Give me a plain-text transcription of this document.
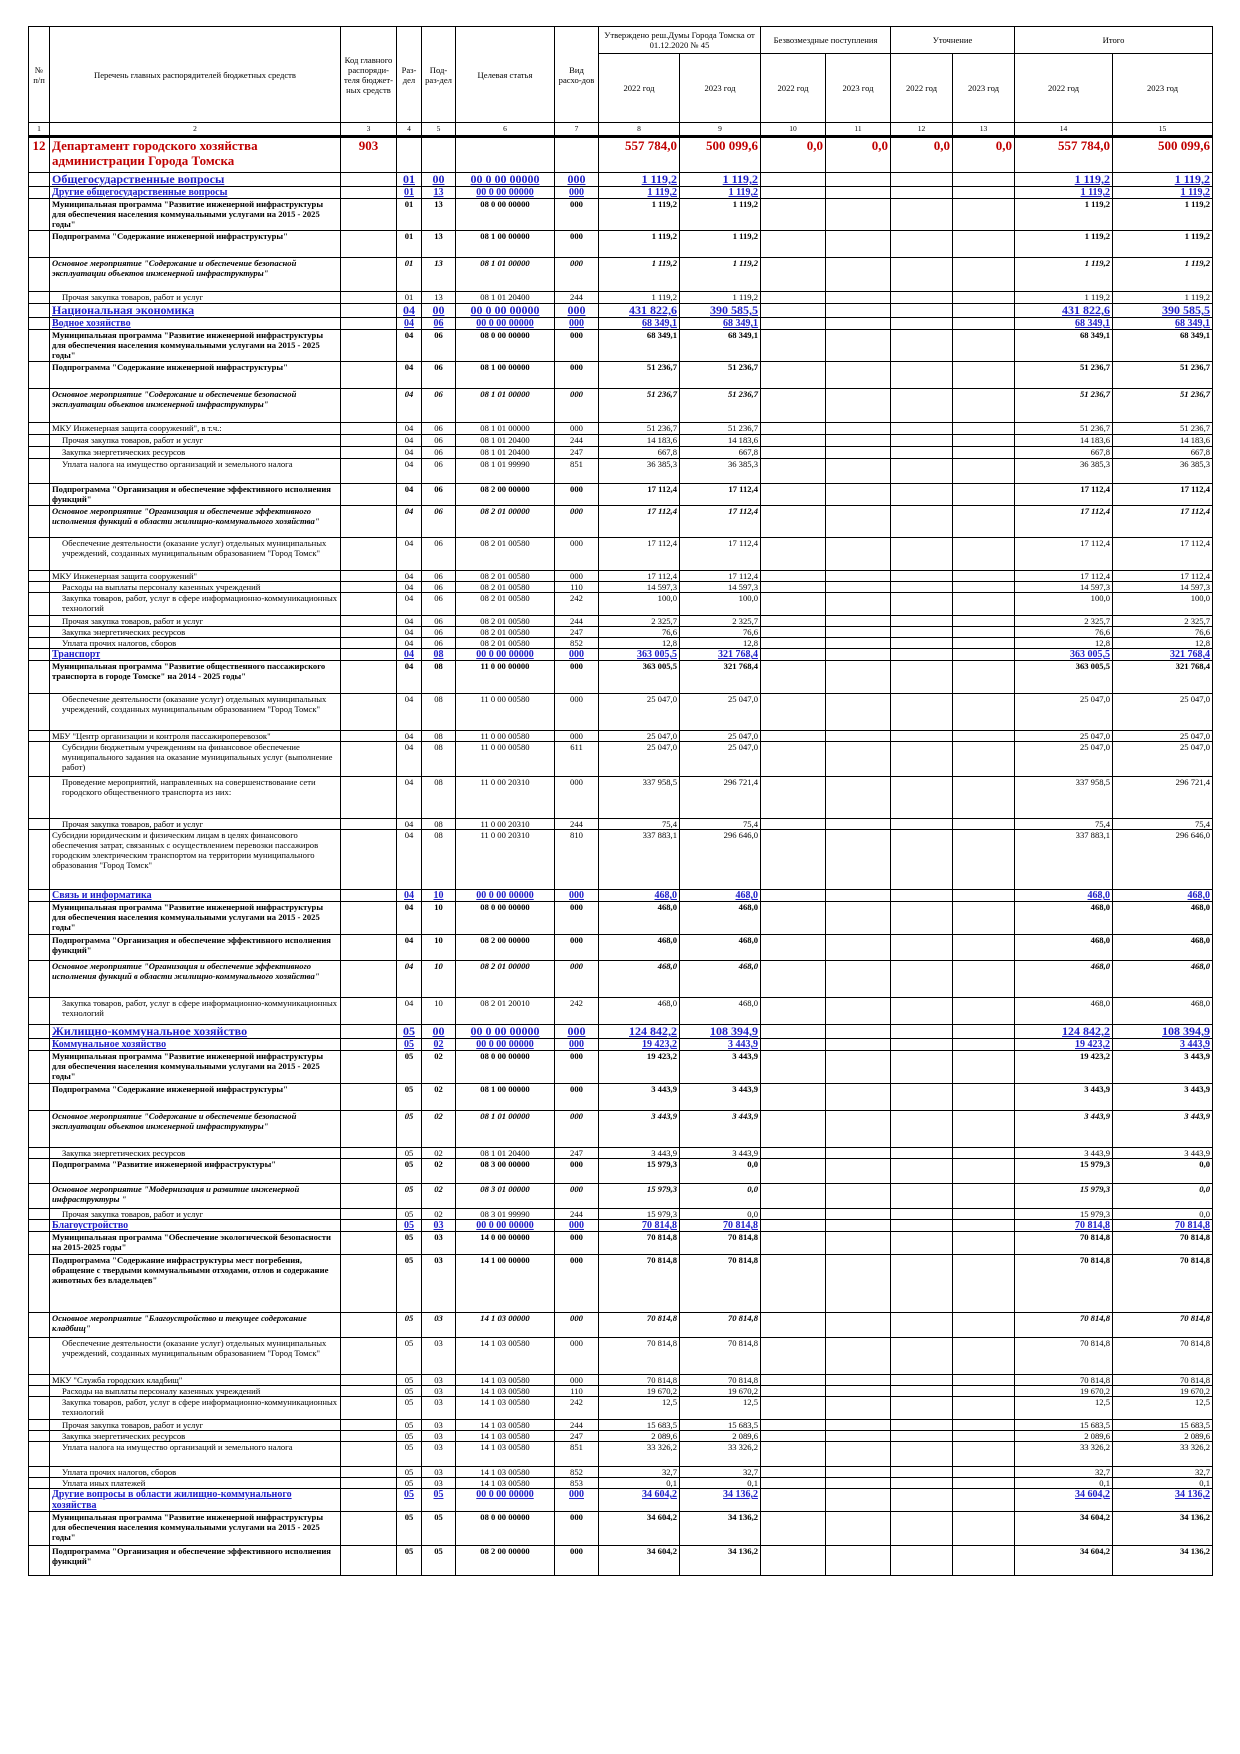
№ п/п	Перечень главных распорядителей бюджетных средств	Код главного распоряди-теля бюджет-ных средств	Раз-дел	Под-раз-дел	Целевая статья	Вид расхо-дов	Утверждено реш.Думы Города Томска от 01.12.2020 № 45		Безвозмездные поступления		Уточнение		Итого	
							2022 год	2023 год	2022 год	2023 год	2022 год	2023 год	2022 год	2023 год
1	2	3	4	5	6	7	8	9	10	11	12	13	14	15
12	Департамент городского хозяйства администрации Города Томска	903					557 784,0	500 099,6	0,0	0,0	0,0	0,0	557 784,0	500 099,6
	Общегосударственные вопросы		01	00	00 0 00 00000	000	1 119,2	1 119,2					1 119,2	1 119,2
	Другие общегосударственные вопросы		01	13	00 0 00 00000	000	1 119,2	1 119,2					1 119,2	1 119,2
	Муниципальная программа "Развитие инженерной инфраструктуры для обеспечения населения коммунальными услугами на 2015 - 2025 годы"		01	13	08 0 00 00000	000	1 119,2	1 119,2					1 119,2	1 119,2
	Подпрограмма "Содержание инженерной инфраструктуры"		01	13	08 1 00 00000	000	1 119,2	1 119,2					1 119,2	1 119,2
	Основное мероприятие "Содержание и обеспечение безопасной эксплуатации объектов инженерной инфраструктуры"		01	13	08 1 01 00000	000	1 119,2	1 119,2					1 119,2	1 119,2
	Прочая закупка товаров, работ и услуг		01	13	08 1 01 20400	244	1 119,2	1 119,2					1 119,2	1 119,2
	Национальная экономика		04	00	00 0 00 00000	000	431 822,6	390 585,5					431 822,6	390 585,5
	Водное хозяйство		04	06	00 0 00 00000	000	68 349,1	68 349,1					68 349,1	68 349,1
	Муниципальная программа "Развитие инженерной инфраструктуры для обеспечения населения коммунальными услугами на 2015 - 2025 годы"		04	06	08 0 00 00000	000	68 349,1	68 349,1					68 349,1	68 349,1
	Подпрограмма "Содержание инженерной инфраструктуры"		04	06	08 1 00 00000	000	51 236,7	51 236,7					51 236,7	51 236,7
	Основное мероприятие "Содержание и обеспечение безопасной эксплуатации объектов инженерной инфраструктуры"		04	06	08 1 01 00000	000	51 236,7	51 236,7					51 236,7	51 236,7
	МКУ Инженерная защита сооружений", в т.ч.:		04	06	08 1 01 00000	000	51 236,7	51 236,7					51 236,7	51 236,7
	Прочая закупка товаров, работ и услуг		04	06	08 1 01 20400	244	14 183,6	14 183,6					14 183,6	14 183,6
	Закупка энергетических ресурсов		04	06	08 1 01 20400	247	667,8	667,8					667,8	667,8
	Уплата налога на имущество организаций и земельного налога		04	06	08 1 01 99990	851	36 385,3	36 385,3					36 385,3	36 385,3
	Подпрограмма "Организация и обеспечение эффективного исполнения функций"		04	06	08 2 00 00000	000	17 112,4	17 112,4					17 112,4	17 112,4
	Основное мероприятие "Организация и обеспечение эффективного исполнения функций в области жилищно-коммунального хозяйства"		04	06	08 2 01 00000	000	17 112,4	17 112,4					17 112,4	17 112,4
	Обеспечение деятельности (оказание услуг) отдельных муниципальных учреждений, созданных муниципальным образованием "Город Томск"		04	06	08 2 01 00580	000	17 112,4	17 112,4					17 112,4	17 112,4
	МКУ Инженерная защита сооружений"		04	06	08 2 01 00580	000	17 112,4	17 112,4					17 112,4	17 112,4
	Расходы на выплаты персоналу казенных учреждений		04	06	08 2 01 00580	110	14 597,3	14 597,3					14 597,3	14 597,3
	Закупка товаров, работ, услуг в сфере информационно-коммуникационных технологий		04	06	08 2 01 00580	242	100,0	100,0					100,0	100,0
	Прочая закупка товаров, работ и услуг		04	06	08 2 01 00580	244	2 325,7	2 325,7					2 325,7	2 325,7
	Закупка энергетических ресурсов		04	06	08 2 01 00580	247	76,6	76,6					76,6	76,6
	Уплата прочих налогов, сборов		04	06	08 2 01 00580	852	12,8	12,8					12,8	12,8
	Транспорт		04	08	00 0 00 00000	000	363 005,5	321 768,4					363 005,5	321 768,4
	Муниципальная программа "Развитие общественного пассажирского транспорта в городе Томске" на 2014 - 2025 годы"		04	08	11 0 00 00000	000	363 005,5	321 768,4					363 005,5	321 768,4
	Обеспечение деятельности (оказание услуг) отдельных муниципальных учреждений, созданных муниципальным образованием "Город Томск"		04	08	11 0 00 00580	000	25 047,0	25 047,0					25 047,0	25 047,0
	МБУ "Центр организации и контроля пассажироперевозок"		04	08	11 0 00 00580	000	25 047,0	25 047,0					25 047,0	25 047,0
	Субсидии бюджетным учреждениям на финансовое обеспечение муниципального задания на оказание муниципальных услуг (выполнение работ)		04	08	11 0 00 00580	611	25 047,0	25 047,0					25 047,0	25 047,0
	Проведение мероприятий, направленных на совершенствование сети городского общественного транспорта из них:		04	08	11 0 00 20310	000	337 958,5	296 721,4					337 958,5	296 721,4
	Прочая закупка товаров, работ и услуг		04	08	11 0 00 20310	244	75,4	75,4					75,4	75,4
	Субсидии юридическим и физическим лицам в целях финансового обеспечения затрат, связанных с осуществлением перевозки пассажиров городским электрическим транспортом на территории муниципального образования "Город Томск"		04	08	11 0 00 20310	810	337 883,1	296 646,0					337 883,1	296 646,0
	Связь и информатика		04	10	00 0 00 00000	000	468,0	468,0					468,0	468,0
	Муниципальная программа "Развитие инженерной инфраструктуры для обеспечения населения коммунальными услугами на 2015 - 2025 годы"		04	10	08 0 00 00000	000	468,0	468,0					468,0	468,0
	Подпрограмма "Организация и обеспечение эффективного исполнения функций"		04	10	08 2 00 00000	000	468,0	468,0					468,0	468,0
	Основное мероприятие "Организация и обеспечение эффективного исполнения функций в области жилищно-коммунального хозяйства"		04	10	08 2 01 00000	000	468,0	468,0					468,0	468,0
	Закупка товаров, работ, услуг в сфере информационно-коммуникационных технологий		04	10	08 2 01 20010	242	468,0	468,0					468,0	468,0
	Жилищно-коммунальное хозяйство		05	00	00 0 00 00000	000	124 842,2	108 394,9					124 842,2	108 394,9
	Коммунальное хозяйство		05	02	00 0 00 00000	000	19 423,2	3 443,9					19 423,2	3 443,9
	Муниципальная программа "Развитие инженерной инфраструктуры для обеспечения населения коммунальными услугами на 2015 - 2025 годы"		05	02	08 0 00 00000	000	19 423,2	3 443,9					19 423,2	3 443,9
	Подпрограмма "Содержание инженерной инфраструктуры"		05	02	08 1 00 00000	000	3 443,9	3 443,9					3 443,9	3 443,9
	Основное мероприятие "Содержание и обеспечение безопасной эксплуатации объектов инженерной инфраструктуры"		05	02	08 1 01 00000	000	3 443,9	3 443,9					3 443,9	3 443,9
	Закупка энергетических ресурсов		05	02	08 1 01 20400	247	3 443,9	3 443,9					3 443,9	3 443,9
	Подпрограмма "Развитие инженерной инфраструктуры"		05	02	08 3 00 00000	000	15 979,3	0,0					15 979,3	0,0
	Основное мероприятие "Модернизация и развитие инженерной инфраструктуры "		05	02	08 3 01 00000	000	15 979,3	0,0					15 979,3	0,0
	Прочая закупка товаров, работ и услуг		05	02	08 3 01 99990	244	15 979,3	0,0					15 979,3	0,0
	Благоустройство		05	03	00 0 00 00000	000	70 814,8	70 814,8					70 814,8	70 814,8
	Муниципальная программа "Обеспечение экологической безопасности на 2015-2025 годы"		05	03	14 0 00 00000	000	70 814,8	70 814,8					70 814,8	70 814,8
	Подпрограмма "Содержание инфраструктуры мест погребения, обращение с твердыми коммунальными отходами, отлов и содержание животных без владельцев"		05	03	14 1 00 00000	000	70 814,8	70 814,8					70 814,8	70 814,8
	Основное мероприятие "Благоустройство и текущее содержание кладбищ"		05	03	14 1 03 00000	000	70 814,8	70 814,8					70 814,8	70 814,8
	Обеспечение деятельности (оказание услуг) отдельных муниципальных учреждений, созданных муниципальным образованием "Город Томск"		05	03	14 1 03 00580	000	70 814,8	70 814,8					70 814,8	70 814,8
	МКУ "Служба городских кладбищ"		05	03	14 1 03 00580	000	70 814,8	70 814,8					70 814,8	70 814,8
	Расходы на выплаты персоналу казенных учреждений		05	03	14 1 03 00580	110	19 670,2	19 670,2					19 670,2	19 670,2
	Закупка товаров, работ, услуг в сфере информационно-коммуникационных технологий		05	03	14 1 03 00580	242	12,5	12,5					12,5	12,5
	Прочая закупка товаров, работ и услуг		05	03	14 1 03 00580	244	15 683,5	15 683,5					15 683,5	15 683,5
	Закупка энергетических ресурсов		05	03	14 1 03 00580	247	2 089,6	2 089,6					2 089,6	2 089,6
	Уплата налога на имущество организаций и земельного налога		05	03	14 1 03 00580	851	33 326,2	33 326,2					33 326,2	33 326,2
	Уплата прочих налогов, сборов		05	03	14 1 03 00580	852	32,7	32,7					32,7	32,7
	Уплата иных платежей		05	03	14 1 03 00580	853	0,1	0,1					0,1	0,1
	Другие вопросы в области жилищно-коммунального хозяйства		05	05	00 0 00 00000	000	34 604,2	34 136,2					34 604,2	34 136,2
	Муниципальная программа "Развитие инженерной инфраструктуры для обеспечения населения коммунальными услугами на 2015 - 2025 годы"		05	05	08 0 00 00000	000	34 604,2	34 136,2					34 604,2	34 136,2
	Подпрограмма "Организация и обеспечение эффективного исполнения функций"		05	05	08 2 00 00000	000	34 604,2	34 136,2					34 604,2	34 136,2
